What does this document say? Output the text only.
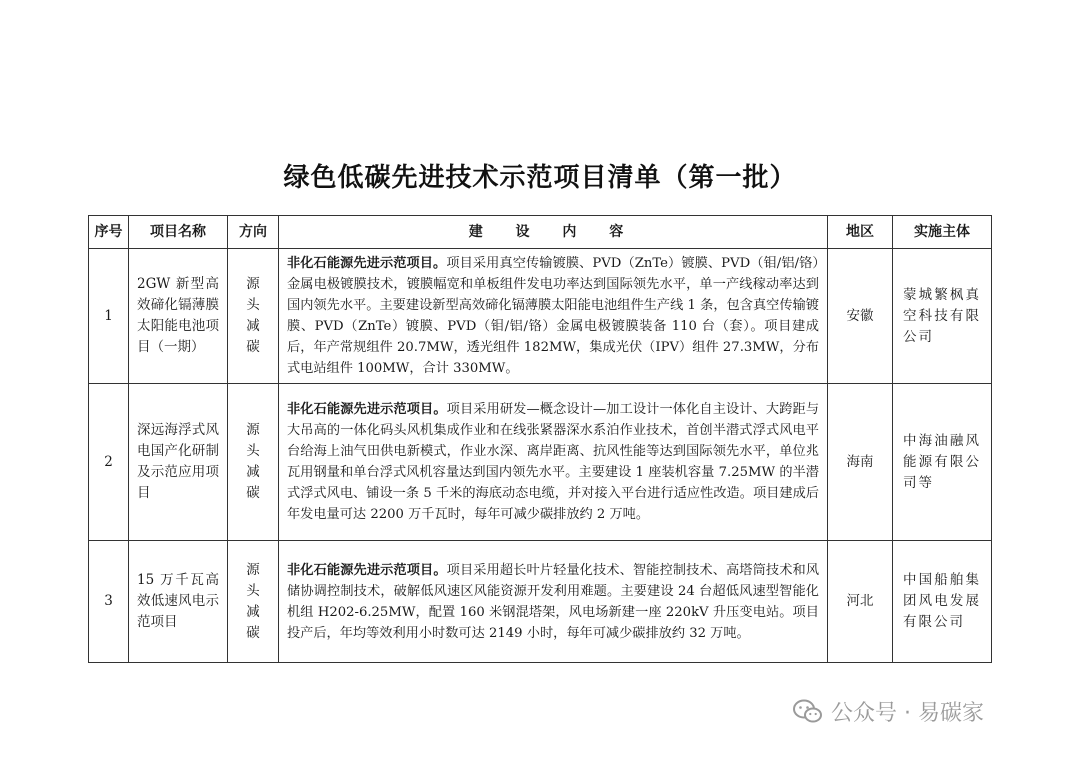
绿色低碳先进技术示范项目清单（第一批）
序号	项目名称	方向	建 设 内 容	地区	实施主体
1	2GW 新型高效碲化镉薄膜太阳能电池项目（一期）	源头减碳	非化石能源先进示范项目。项目采用真空传输镀膜、PVD（ZnTe）镀膜、PVD（钼/铝/铬）金属电极镀膜技术，镀膜幅宽和单板组件发电功率达到国际领先水平，单一产线稼动率达到国内领先水平。主要建设新型高效碲化镉薄膜太阳能电池组件生产线 1 条，包含真空传输镀膜、PVD（ZnTe）镀膜、PVD（钼/铝/铬）金属电极镀膜装备 110 台（套）。项目建成后，年产常规组件 20.7MW，透光组件 182MW，集成光伏（IPV）组件 27.3MW，分布式电站组件 100MW，合计 330MW。	安徽	蒙城繁枫真空科技有限公司
2	深远海浮式风电国产化研制及示范应用项目	源头减碳	非化石能源先进示范项目。项目采用研发—概念设计—加工设计一体化自主设计、大跨距与大吊高的一体化码头风机集成作业和在线张紧器深水系泊作业技术，首创半潜式浮式风电平台给海上油气田供电新模式，作业水深、离岸距离、抗风性能等达到国际领先水平，单位兆瓦用钢量和单台浮式风机容量达到国内领先水平。主要建设 1 座装机容量 7.25MW 的半潜式浮式风电、铺设一条 5 千米的海底动态电缆，并对接入平台进行适应性改造。项目建成后年发电量可达 2200 万千瓦时，每年可减少碳排放约 2 万吨。	海南	中海油融风能源有限公司等
3	15 万千瓦高效低速风电示范项目	源头减碳	非化石能源先进示范项目。项目采用超长叶片轻量化技术、智能控制技术、高塔筒技术和风储协调控制技术，破解低风速区风能资源开发利用难题。主要建设 24 台超低风速型智能化机组 H202-6.25MW，配置 160 米钢混塔架，风电场新建一座 220kV 升压变电站。项目投产后，年均等效利用小时数可达 2149 小时，每年可减少碳排放约 32 万吨。	河北	中国船舶集团风电发展有限公司
公众号 · 易碳家
